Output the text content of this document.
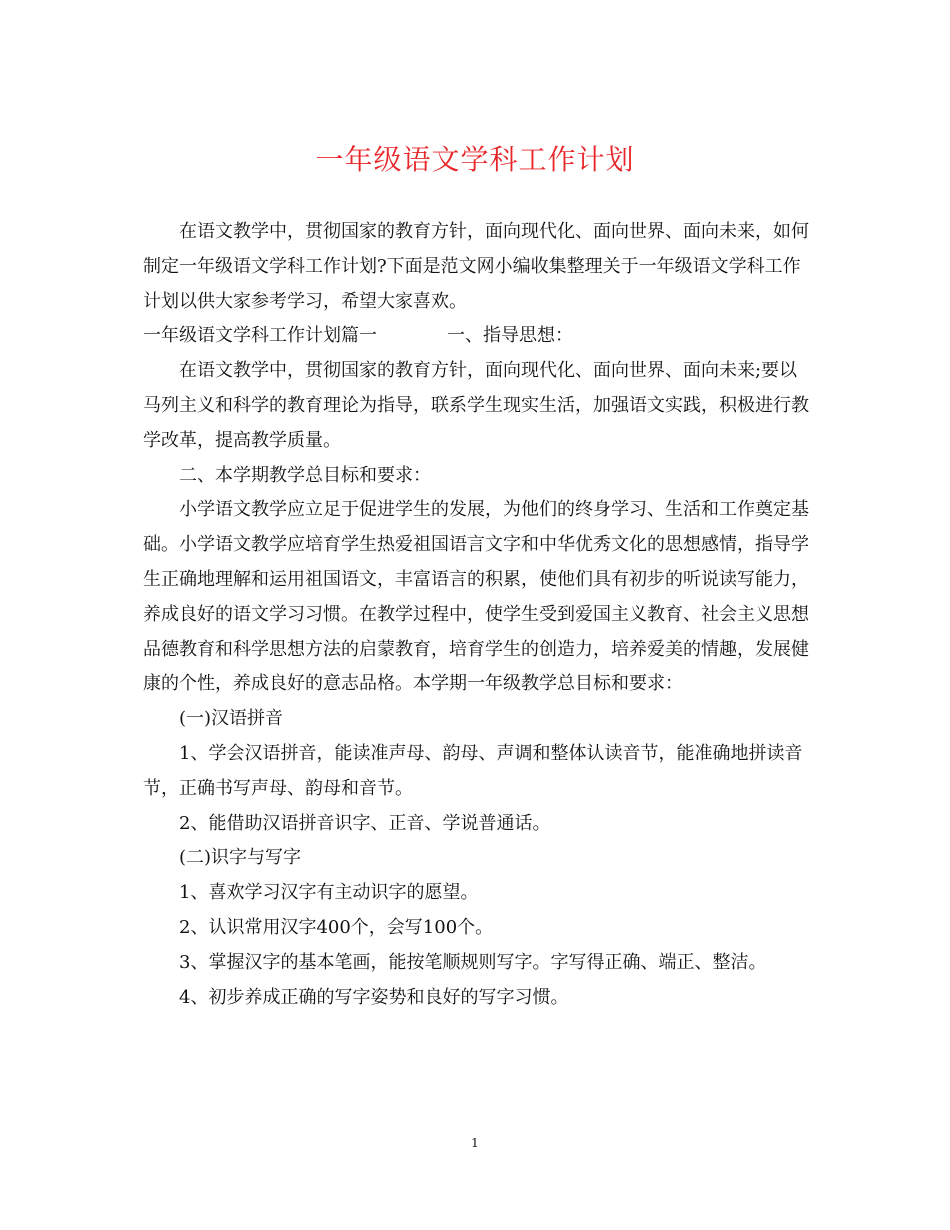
一年级语文学科工作计划

在语文教学中，贯彻国家的教育方针，面向现代化、面向世界、面向未来，如何制定一年级语文学科工作计划?下面是范文网小编收集整理关于一年级语文学科工作计划以供大家参考学习，希望大家喜欢。

一年级语文学科工作计划篇一	一、指导思想：

在语文教学中，贯彻国家的教育方针，面向现代化、面向世界、面向未来;要以马列主义和科学的教育理论为指导，联系学生现实生活，加强语文实践，积极进行教学改革，提高教学质量。

二、本学期教学总目标和要求：

小学语文教学应立足于促进学生的发展，为他们的终身学习、生活和工作奠定基础。小学语文教学应培育学生热爱祖国语言文字和中华优秀文化的思想感情，指导学生正确地理解和运用祖国语文，丰富语言的积累，使他们具有初步的听说读写能力，养成良好的语文学习习惯。在教学过程中，使学生受到爱国主义教育、社会主义思想品德教育和科学思想方法的启蒙教育，培育学生的创造力，培养爱美的情趣，发展健康的个性，养成良好的意志品格。本学期一年级教学总目标和要求：

(一)汉语拼音

1、学会汉语拼音，能读准声母、韵母、声调和整体认读音节，能准确地拼读音节，正确书写声母、韵母和音节。

2、能借助汉语拼音识字、正音、学说普通话。

(二)识字与写字

1、喜欢学习汉字有主动识字的愿望。

2、认识常用汉字400个，会写100个。

3、掌握汉字的基本笔画，能按笔顺规则写字。字写得正确、端正、整洁。

4、初步养成正确的写字姿势和良好的写字习惯。

1
